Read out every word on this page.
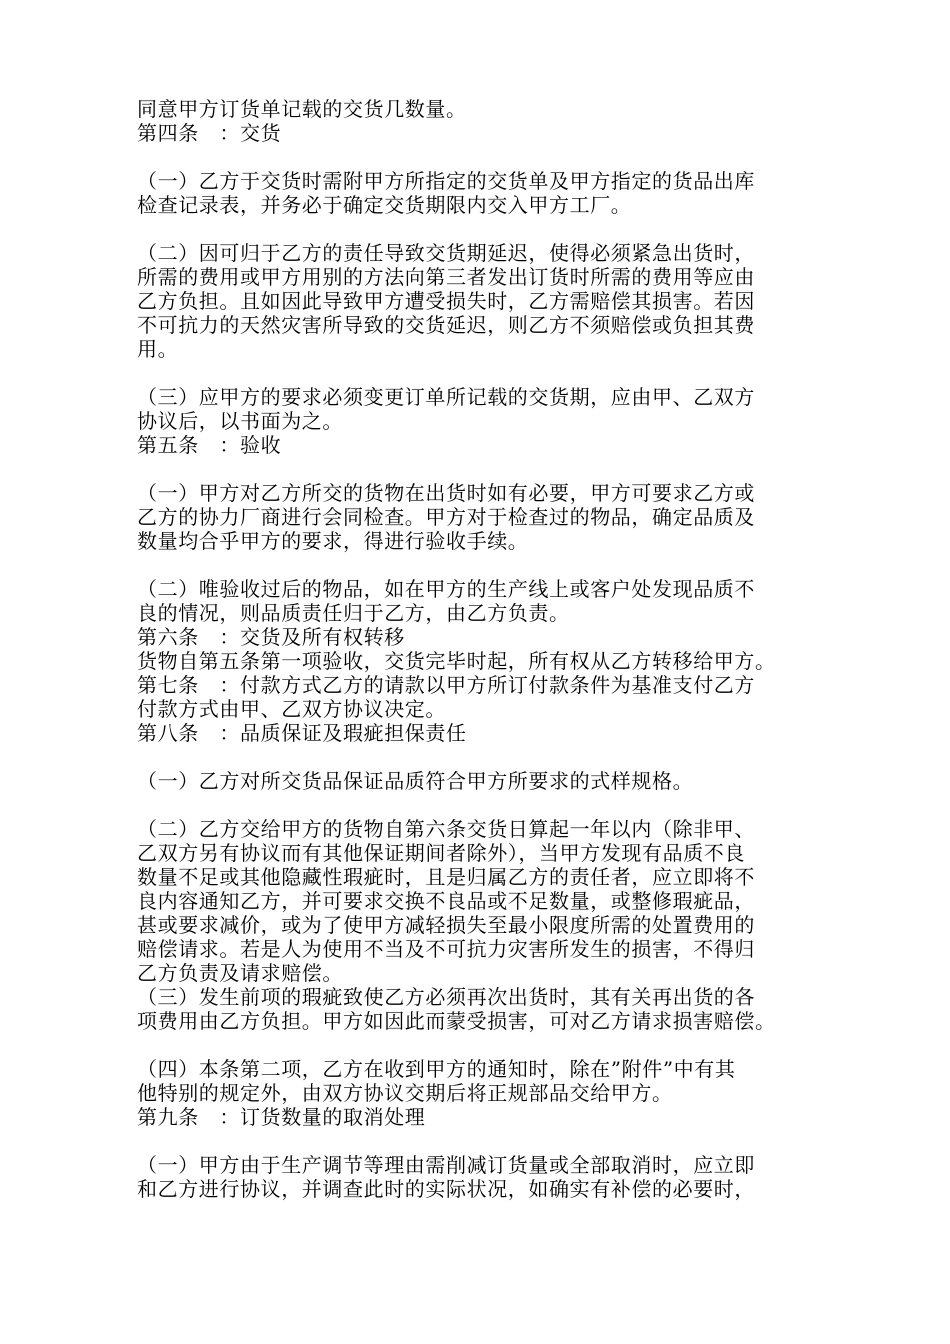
同意甲方订货单记载的交货几数量。
第四条　：交货
（一）乙方于交货时需附甲方所指定的交货单及甲方指定的货品出库
检查记录表，并务必于确定交货期限内交入甲方工厂。
（二）因可归于乙方的责任导致交货期延迟，使得必须紧急出货时，
所需的费用或甲方用别的方法向第三者发出订货时所需的费用等应由
乙方负担。且如因此导致甲方遭受损失时，乙方需赔偿其损害。若因
不可抗力的天然灾害所导致的交货延迟，则乙方不须赔偿或负担其费
用。
（三）应甲方的要求必须变更订单所记载的交货期，应由甲、乙双方
协议后，以书面为之。
第五条　：验收
（一）甲方对乙方所交的货物在出货时如有必要，甲方可要求乙方或
乙方的协力厂商进行会同检查。甲方对于检查过的物品，确定品质及
数量均合乎甲方的要求，得进行验收手续。
（二）唯验收过后的物品，如在甲方的生产线上或客户处发现品质不
良的情况，则品质责任归于乙方，由乙方负责。
第六条　：交货及所有权转移
货物自第五条第一项验收，交货完毕时起，所有权从乙方转移给甲方。
第七条　：付款方式乙方的请款以甲方所订付款条件为基准支付乙方
付款方式由甲、乙双方协议决定。
第八条　：品质保证及瑕疵担保责任
（一）乙方对所交货品保证品质符合甲方所要求的式样规格。
（二）乙方交给甲方的货物自第六条交货日算起一年以内（除非甲、
乙双方另有协议而有其他保证期间者除外），当甲方发现有品质不良
数量不足或其他隐藏性瑕疵时，且是归属乙方的责任者，应立即将不
良内容通知乙方，并可要求交换不良品或不足数量，或整修瑕疵品，
甚或要求减价，或为了使甲方减轻损失至最小限度所需的处置费用的
赔偿请求。若是人为使用不当及不可抗力灾害所发生的损害，不得归
乙方负责及请求赔偿。
（三）发生前项的瑕疵致使乙方必须再次出货时，其有关再出货的各
项费用由乙方负担。甲方如因此而蒙受损害，可对乙方请求损害赔偿。
（四）本条第二项，乙方在收到甲方的通知时，除在”附件”中有其
他特别的规定外，由双方协议交期后将正规部品交给甲方。
第九条　：订货数量的取消处理
（一）甲方由于生产调节等理由需削减订货量或全部取消时，应立即
和乙方进行协议，并调查此时的实际状况，如确实有补偿的必要时，
